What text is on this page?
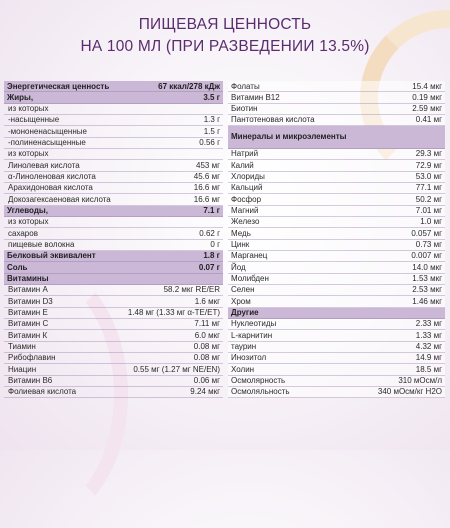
ПИЩЕВАЯ ЦЕННОСТЬ
НА 100 МЛ (ПРИ РАЗВЕДЕНИИ 13.5%)
Энергетическая ценность	67 ккал/278 кДж
Жиры,	3.5 г
из которых
-насыщенные	1.3 г
-мононенасыщенные	1.5 г
-полиненасыщенные	0.56 г
из которых
Линолевая кислота	453 мг
α-Линоленовая кислота	45.6 мг
Арахидоновая кислота	16.6 мг
Докозагексаеновая кислота	16.6 мг
Углеводы,	7.1 г
из которых
сахаров	0.62 г
пищевые волокна	0 г
Белковый эквивалент	1.8 г
Соль	0.07 г
Витамины
Витамин А	58.2 мкг RE/ER
Витамин D3	1.6 мкг
Витамин Е	1.48 мг (1.33 мг α-TE/ET)
Витамин С	7.11 мг
Витамин К	6.0 мкг
Тиамин	0.08 мг
Рибофлавин	0.08 мг
Ниацин	0.55 мг (1.27 мг NE/EN)
Витамин В6	0.06 мг
Фолиевая кислота	9.24 мкг
Фолаты	15.4 мкг
Витамин В12	0.19 мкг
Биотин	2.59 мкг
Пантотеновая кислота	0.41 мг
Минералы и микроэлементы
Натрий	29.3 мг
Калий	72.9 мг
Хлориды	53.0 мг
Кальций	77.1 мг
Фосфор	50.2 мг
Магний	7.01 мг
Железо	1.0 мг
Медь	0.057 мг
Цинк	0.73 мг
Марганец	0.007 мг
Йод	14.0 мкг
Молибден	1.53 мкг
Селен	2.53 мкг
Хром	1.46 мкг
Другие
Нуклеотиды	2.33 мг
L-карнитин	1.33 мг
таурин	4.32 мг
Инозитол	14.9 мг
Холин	18.5 мг
Осмолярность	310 мОсм/л
Осмоляльность	340 мОсм/кг H2O
